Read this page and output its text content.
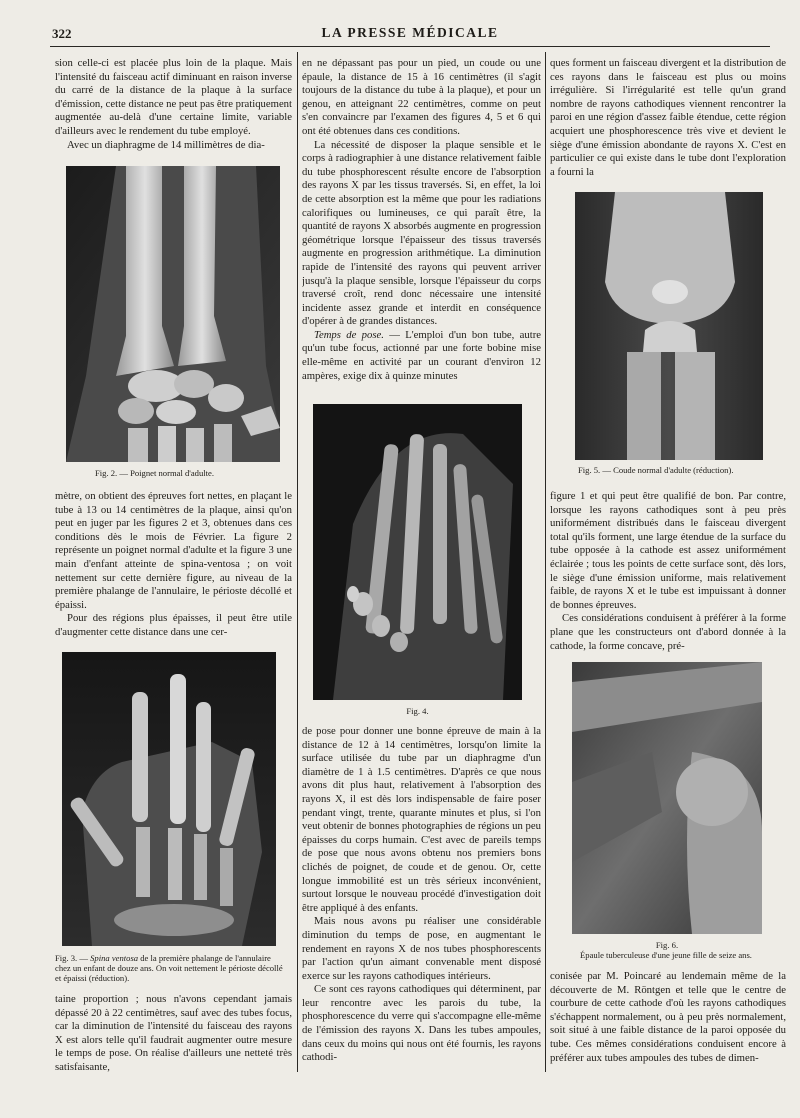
322	LA PRESSE MÉDICALE

sion celle-ci est placée plus loin de la plaque. Mais l'intensité du faisceau actif diminuant en raison inverse du carré de la distance de la plaque à la surface d'émission, cette distance ne peut pas être pratiquement augmentée au-delà d'une certaine limite, variable d'ailleurs avec le rendement du tube employé.

Avec un diaphragme de 14 millimètres de dia-

Fig. 2. — Poignet normal d'adulte.

mètre, on obtient des épreuves fort nettes, en plaçant le tube à 13 ou 14 centimètres de la plaque, ainsi qu'on peut en juger par les figures 2 et 3, obtenues dans ces conditions dès le mois de Février. La figure 2 représente un poignet normal d'adulte et la figure 3 une main d'enfant atteinte de spina-ventosa ; on voit nettement sur cette dernière figure, au niveau de la première phalange de l'annulaire, le périoste décollé et épaissi.

Pour des régions plus épaisses, il peut être utile d'augmenter cette distance dans une cer-

Fig. 3. — Spina ventosa de la première phalange de l'annulaire chez un enfant de douze ans. On voit nettement le périoste décollé et épaissi (réduction).

taine proportion ; nous n'avons cependant jamais dépassé 20 à 22 centimètres, sauf avec des tubes focus, car la diminution de l'intensité du faisceau des rayons X est alors telle qu'il faudrait augmenter outre mesure le temps de pose. On réalise d'ailleurs une netteté très satisfaisante,

en ne dépassant pas pour un pied, un coude ou une épaule, la distance de 15 à 16 centimètres (il s'agit toujours de la distance du tube à la plaque), et pour un genou, en atteignant 22 centimètres, comme on peut s'en convaincre par l'examen des figures 4, 5 et 6 qui ont été obtenues dans ces conditions.

La nécessité de disposer la plaque sensible et le corps à radiographier à une distance relativement faible du tube phosphorescent résulte encore de l'absorption des rayons X par les tissus traversés. Si, en effet, la loi de cette absorption est la même que pour les radiations calorifiques ou lumineuses, ce qui paraît être, la quantité de rayons X absorbés augmente en progression géométrique lorsque l'épaisseur des tissus traversés augmente en progression arithmétique. La diminution rapide de l'intensité des rayons qui peuvent arriver jusqu'à la plaque sensible, lorsque l'épaisseur du corps traversé croît, rend donc nécessaire une intensité incidente assez grande et interdit en conséquence d'opérer à de grandes distances.

Temps de pose. — L'emploi d'un bon tube, autre qu'un tube focus, actionné par une forte bobine mise elle-même en activité par un courant d'environ 12 ampères, exige dix à quinze minutes

Fig. 4.

de pose pour donner une bonne épreuve de main à la distance de 12 à 14 centimètres, lorsqu'on limite la surface utilisée du tube par un diaphragme d'un diamètre de 1 à 1.5 centimètres. D'après ce que nous avons dit plus haut, relativement à l'absorption des rayons X, il est dès lors indispensable de faire poser pendant vingt, trente, quarante minutes et plus, si l'on veut obtenir de bonnes photographies de régions un peu épaisses du corps humain. C'est avec de pareils temps de pose que nous avons obtenu nos premiers bons clichés de poignet, de coude et de genou. Or, cette longue immobilité est un très sérieux inconvénient, surtout lorsque le nouveau procédé d'investigation doit être appliqué à des enfants.

Mais nous avons pu réaliser une considérable diminution du temps de pose, en augmentant le rendement en rayons X de nos tubes phosphorescents par l'action qu'un aimant convenable ment disposé exerce sur les rayons cathodiques intérieurs.

Ce sont ces rayons cathodiques qui déterminent, par leur rencontre avec les parois du tube, la phosphorescence du verre qui s'accompagne elle-même de l'émission des rayons X. Dans les tubes ampoules, dans ceux du moins qui nous ont été fournis, les rayons cathodi-

ques forment un faisceau divergent et la distribution de ces rayons dans le faisceau est plus ou moins irrégulière. Si l'irrégularité est telle qu'un grand nombre de rayons cathodiques viennent rencontrer la paroi en une région d'assez faible étendue, cette région acquiert une phosphorescence très vive et devient le siège d'une émission abondante de rayons X. C'est en particulier ce qui existe dans le tube dont l'exploration a fourni la

Fig. 5. — Coude normal d'adulte (réduction).

figure 1 et qui peut être qualifié de bon. Par contre, lorsque les rayons cathodiques sont à peu près uniformément distribués dans le faisceau divergent total qu'ils forment, une large étendue de la surface du tube opposée à la cathode est assez uniformément éclairée ; tous les points de cette surface sont, dès lors, le siège d'une émission uniforme, mais relativement faible, de rayons X et le tube est impuissant à donner de bonnes épreuves.

Ces considérations conduisent à préférer à la forme plane que les constructeurs ont d'abord donnée à la cathode, la forme concave, pré-

Fig. 6.
Épaule tuberculeuse d'une jeune fille de seize ans.

conisée par M. Poincaré au lendemain même de la découverte de M. Röntgen et telle que le centre de courbure de cette cathode d'où les rayons cathodiques s'échappent normalement, ou à peu près normalement, soit situé à une faible distance de la paroi opposée du tube. Ces mêmes considérations conduisent encore à préférer aux tubes ampoules des tubes de dimen-
